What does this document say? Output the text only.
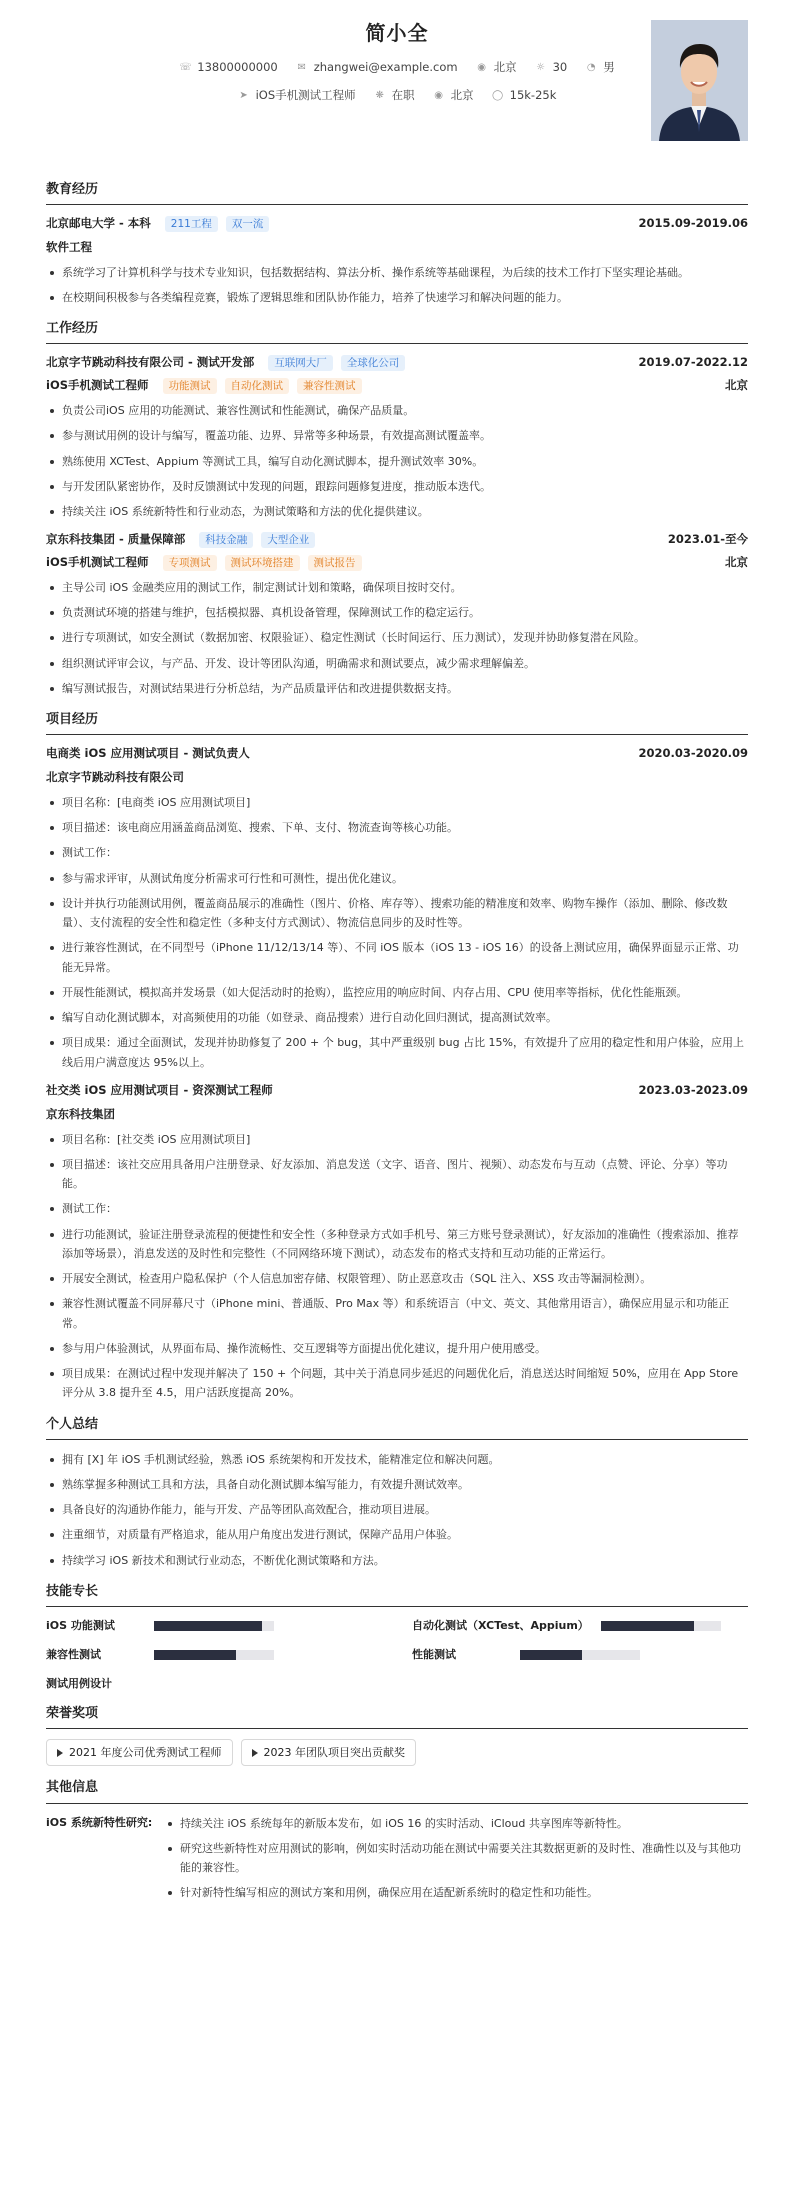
简小全
☏ 13800000000 ✉ zhangwei@example.com ◉ 北京 ☼ 30 ◔ 男
➤ iOS手机测试工程师 ❋ 在职 ◉ 北京 ◯ 15k-25k
教育经历
北京邮电大学 - 本科	211工程	双一流	2015.09-2019.06
软件工程
系统学习了计算机科学与技术专业知识，包括数据结构、算法分析、操作系统等基础课程，为后续的技术工作打下坚实理论基础。
在校期间积极参与各类编程竞赛，锻炼了逻辑思维和团队协作能力，培养了快速学习和解决问题的能力。
工作经历
北京字节跳动科技有限公司 - 测试开发部	互联网大厂	全球化公司	2019.07-2022.12
iOS手机测试工程师	功能测试	自动化测试	兼容性测试	北京
负责公司iOS 应用的功能测试、兼容性测试和性能测试，确保产品质量。
参与测试用例的设计与编写，覆盖功能、边界、异常等多种场景，有效提高测试覆盖率。
熟练使用 XCTest、Appium 等测试工具，编写自动化测试脚本，提升测试效率 30%。
与开发团队紧密协作，及时反馈测试中发现的问题，跟踪问题修复进度，推动版本迭代。
持续关注 iOS 系统新特性和行业动态，为测试策略和方法的优化提供建议。
京东科技集团 - 质量保障部	科技金融	大型企业	2023.01-至今
iOS手机测试工程师	专项测试	测试环境搭建	测试报告	北京
主导公司 iOS 金融类应用的测试工作，制定测试计划和策略，确保项目按时交付。
负责测试环境的搭建与维护，包括模拟器、真机设备管理，保障测试工作的稳定运行。
进行专项测试，如安全测试（数据加密、权限验证）、稳定性测试（长时间运行、压力测试），发现并协助修复潜在风险。
组织测试评审会议，与产品、开发、设计等团队沟通，明确需求和测试要点，减少需求理解偏差。
编写测试报告，对测试结果进行分析总结，为产品质量评估和改进提供数据支持。
项目经历
电商类 iOS 应用测试项目 - 测试负责人	2020.03-2020.09
北京字节跳动科技有限公司
项目名称：[电商类 iOS 应用测试项目]
项目描述：该电商应用涵盖商品浏览、搜索、下单、支付、物流查询等核心功能。
测试工作：
参与需求评审，从测试角度分析需求可行性和可测性，提出优化建议。
设计并执行功能测试用例，覆盖商品展示的准确性（图片、价格、库存等）、搜索功能的精准度和效率、购物车操作（添加、删除、修改数量）、支付流程的安全性和稳定性（多种支付方式测试）、物流信息同步的及时性等。
进行兼容性测试，在不同型号（iPhone 11/12/13/14 等）、不同 iOS 版本（iOS 13 - iOS 16）的设备上测试应用，确保界面显示正常、功能无异常。
开展性能测试，模拟高并发场景（如大促活动时的抢购），监控应用的响应时间、内存占用、CPU 使用率等指标，优化性能瓶颈。
编写自动化测试脚本，对高频使用的功能（如登录、商品搜索）进行自动化回归测试，提高测试效率。
项目成果：通过全面测试，发现并协助修复了 200 + 个 bug，其中严重级别 bug 占比 15%，有效提升了应用的稳定性和用户体验，应用上线后用户满意度达 95%以上。
社交类 iOS 应用测试项目 - 资深测试工程师	2023.03-2023.09
京东科技集团
项目名称：[社交类 iOS 应用测试项目]
项目描述：该社交应用具备用户注册登录、好友添加、消息发送（文字、语音、图片、视频）、动态发布与互动（点赞、评论、分享）等功能。
测试工作：
进行功能测试，验证注册登录流程的便捷性和安全性（多种登录方式如手机号、第三方账号登录测试），好友添加的准确性（搜索添加、推荐添加等场景），消息发送的及时性和完整性（不同网络环境下测试），动态发布的格式支持和互动功能的正常运行。
开展安全测试，检查用户隐私保护（个人信息加密存储、权限管理）、防止恶意攻击（SQL 注入、XSS 攻击等漏洞检测）。
兼容性测试覆盖不同屏幕尺寸（iPhone mini、普通版、Pro Max 等）和系统语言（中文、英文、其他常用语言），确保应用显示和功能正常。
参与用户体验测试，从界面布局、操作流畅性、交互逻辑等方面提出优化建议，提升用户使用感受。
项目成果：在测试过程中发现并解决了 150 + 个问题，其中关于消息同步延迟的问题优化后，消息送达时间缩短 50%，应用在 App Store 评分从 3.8 提升至 4.5，用户活跃度提高 20%。
个人总结
拥有 [X] 年 iOS 手机测试经验，熟悉 iOS 系统架构和开发技术，能精准定位和解决问题。
熟练掌握多种测试工具和方法，具备自动化测试脚本编写能力，有效提升测试效率。
具备良好的沟通协作能力，能与开发、产品等团队高效配合，推动项目进展。
注重细节，对质量有严格追求，能从用户角度出发进行测试，保障产品用户体验。
持续学习 iOS 新技术和测试行业动态，不断优化测试策略和方法。
技能专长
iOS 功能测试	自动化测试（XCTest、Appium）
兼容性测试	性能测试
测试用例设计
荣誉奖项
2021 年度公司优秀测试工程师	2023 年团队项目突出贡献奖
其他信息
iOS 系统新特性研究:	持续关注 iOS 系统每年的新版本发布，如 iOS 16 的实时活动、iCloud 共享图库等新特性。
研究这些新特性对应用测试的影响，例如实时活动功能在测试中需要关注其数据更新的及时性、准确性以及与其他功能的兼容性。
针对新特性编写相应的测试方案和用例，确保应用在适配新系统时的稳定性和功能性。
